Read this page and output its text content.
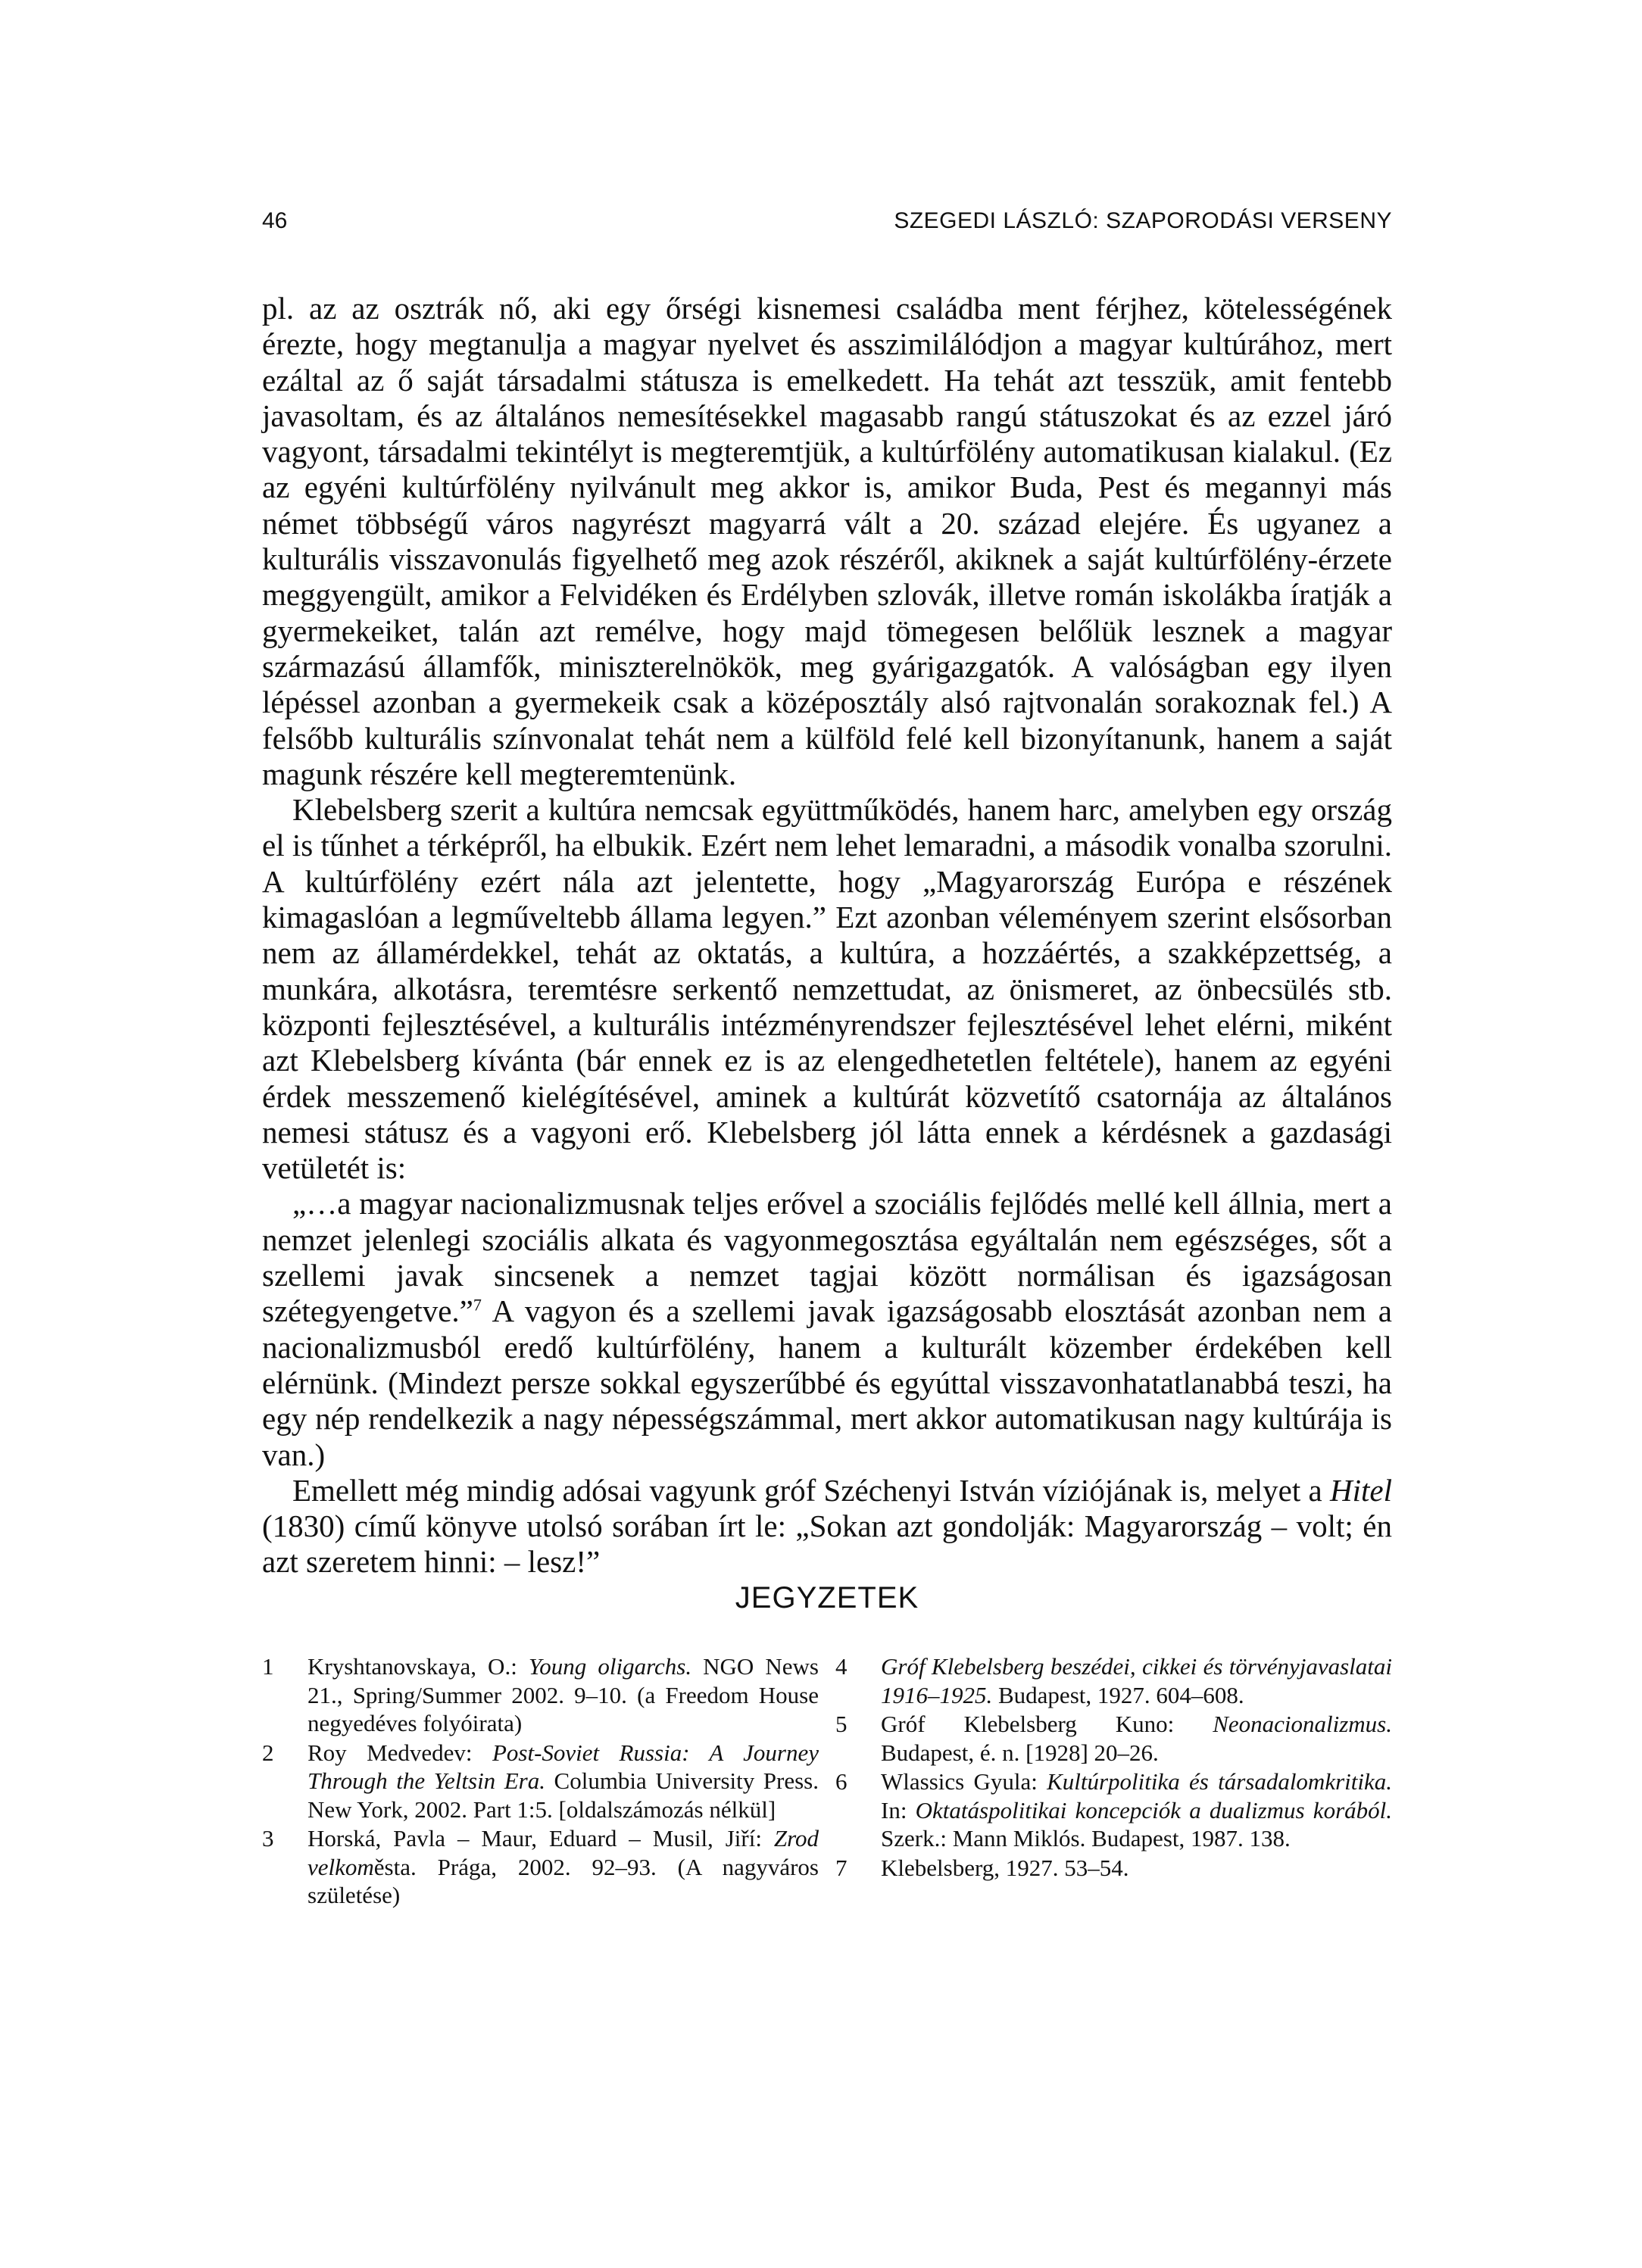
46	SZEGEDI LÁSZLÓ: SZAPORODÁSI VERSENY

pl. az az osztrák nő, aki egy őrségi kisnemesi családba ment férjhez, kötelességének érezte, hogy megtanulja a magyar nyelvet és asszimilálódjon a magyar kultúrához, mert ezáltal az ő saját társadalmi státusza is emelkedett. Ha tehát azt tesszük, amit fentebb javasoltam, és az általános nemesítésekkel magasabb rangú státuszokat és az ezzel járó vagyont, társadalmi tekintélyt is megteremtjük, a kultúrfölény automatikusan kialakul. (Ez az egyéni kultúrfölény nyilvánult meg akkor is, amikor Buda, Pest és megannyi más német többségű város nagyrészt magyarrá vált a 20. század elejére. És ugyanez a kulturális visszavonulás figyelhető meg azok részéről, akiknek a saját kultúrfölény-érzete meggyengült, amikor a Felvidéken és Erdélyben szlovák, illetve román iskolákba íratják a gyermekeiket, talán azt remélve, hogy majd tömegesen belőlük lesznek a magyar származású államfők, miniszterelnökök, meg gyárigazgatók. A valóságban egy ilyen lépéssel azonban a gyermekeik csak a középosztály alsó rajtvonalán sorakoznak fel.) A felsőbb kulturális színvonalat tehát nem a külföld felé kell bizonyítanunk, hanem a saját magunk részére kell megteremtenünk.

Klebelsberg szerit a kultúra nemcsak együttműködés, hanem harc, amelyben egy ország el is tűnhet a térképről, ha elbukik. Ezért nem lehet lemaradni, a második vonalba szorulni. A kultúrfölény ezért nála azt jelentette, hogy „Magyarország Európa e részének kimagaslóan a legműveltebb állama legyen.” Ezt azonban véleményem szerint elsősorban nem az államérdekkel, tehát az oktatás, a kultúra, a hozzáértés, a szakképzettség, a munkára, alkotásra, teremtésre serkentő nemzettudat, az önismeret, az önbecsülés stb. központi fejlesztésével, a kulturális intézményrendszer fejlesztésével lehet elérni, miként azt Klebelsberg kívánta (bár ennek ez is az elengedhetetlen feltétele), hanem az egyéni érdek messzemenő kielégítésével, aminek a kultúrát közvetítő csatornája az általános nemesi státusz és a vagyoni erő. Klebelsberg jól látta ennek a kérdésnek a gazdasági vetületét is:

„…a magyar nacionalizmusnak teljes erővel a szociális fejlődés mellé kell állnia, mert a nemzet jelenlegi szociális alkata és vagyonmegosztása egyáltalán nem egészséges, sőt a szellemi javak sincsenek a nemzet tagjai között normálisan és igazságosan szétegyengetve.”$^7$ A vagyon és a szellemi javak igazságosabb elosztását azonban nem a nacionalizmusból eredő kultúrfölény, hanem a kulturált közember érdekében kell elérnünk. (Mindezt persze sokkal egyszerűbbé és egyúttal visszavonhatatlanabbá teszi, ha egy nép rendelkezik a nagy népességszámmal, mert akkor automatikusan nagy kultúrája is van.)

Emellett még mindig adósai vagyunk gróf Széchenyi István víziójának is, melyet a Hitel (1830) című könyve utolsó sorában írt le: „Sokan azt gondolják: Magyarország – volt; én azt szeretem hinni: – lesz!”

JEGYZETEK
1	Kryshtanovskaya, O.: Young oligarchs. NGO News 21., Spring/Summer 2002. 9–10. (a Freedom House negyedéves folyóirata)
2	Roy Medvedev: Post-Soviet Russia: A Journey Through the Yeltsin Era. Columbia University Press. New York, 2002. Part 1:5. [oldalszámozás nélkül]
3	Horská, Pavla – Maur, Eduard – Musil, Jiří: Zrod velkoměsta. Prága, 2002. 92–93. (A nagyváros születése)
4	Gróf Klebelsberg beszédei, cikkei és törvényjavaslatai 1916–1925. Budapest, 1927. 604–608.
5	Gróf Klebelsberg Kuno: Neonacionalizmus. Budapest, é. n. [1928] 20–26.
6	Wlassics Gyula: Kultúrpolitika és társadalomkritika. In: Oktatáspolitikai koncepciók a dualizmus korából. Szerk.: Mann Miklós. Budapest, 1987. 138.
7	Klebelsberg, 1927. 53–54.
